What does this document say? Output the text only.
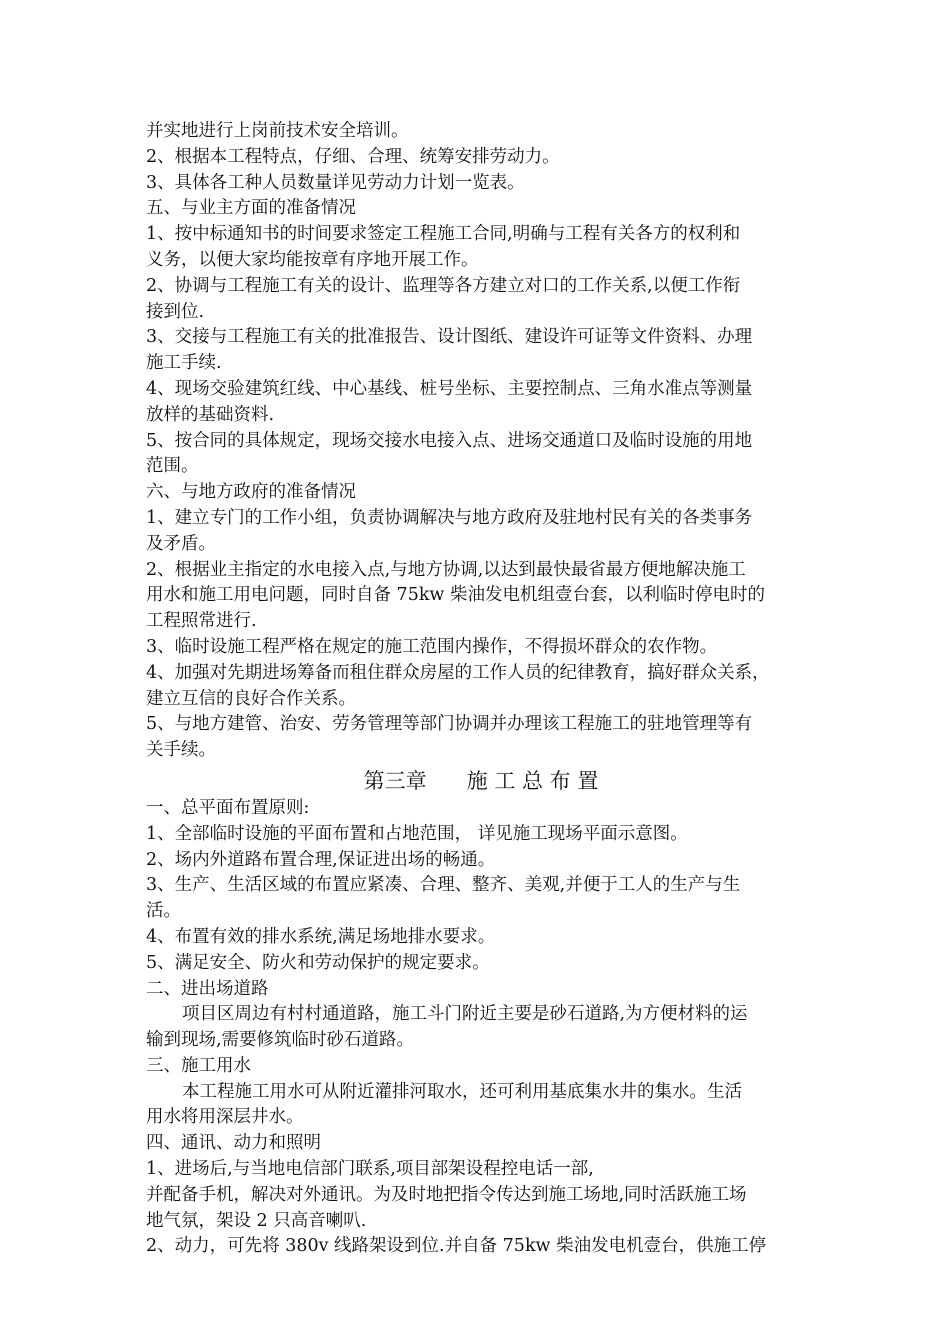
并实地进行上岗前技术安全培训。
2、根据本工程特点，仔细、合理、统筹安排劳动力。
3、具体各工种人员数量详见劳动力计划一览表。
五、与业主方面的准备情况
1、按中标通知书的时间要求签定工程施工合同,明确与工程有关各方的权利和
义务，以便大家均能按章有序地开展工作。
2、协调与工程施工有关的设计、监理等各方建立对口的工作关系,以便工作衔
接到位.
3、交接与工程施工有关的批准报告、设计图纸、建设许可证等文件资料、办理
施工手续.
4、现场交验建筑红线、中心基线、桩号坐标、主要控制点、三角水准点等测量
放样的基础资料.
5、按合同的具体规定，现场交接水电接入点、进场交通道口及临时设施的用地
范围。
六、与地方政府的准备情况
1、建立专门的工作小组，负责协调解决与地方政府及驻地村民有关的各类事务
及矛盾。
2、根据业主指定的水电接入点,与地方协调,以达到最快最省最方便地解决施工
用水和施工用电问题，同时自备 75kw 柴油发电机组壹台套，以利临时停电时的
工程照常进行.
3、临时设施工程严格在规定的施工范围内操作，不得损坏群众的农作物。
4、加强对先期进场筹备而租住群众房屋的工作人员的纪律教育，搞好群众关系，
建立互信的良好合作关系。
5、与地方建管、治安、劳务管理等部门协调并办理该工程施工的驻地管理等有
关手续。
第三章      施 工 总 布 置
一、总平面布置原则:
1、全部临时设施的平面布置和占地范围， 详见施工现场平面示意图。
2、场内外道路布置合理,保证进出场的畅通。
3、生产、生活区域的布置应紧凑、合理、整齐、美观,并便于工人的生产与生
活。
4、布置有效的排水系统,满足场地排水要求。
5、满足安全、防火和劳动保护的规定要求。
二、进出场道路
项目区周边有村村通道路，施工斗门附近主要是砂石道路,为方便材料的运
输到现场,需要修筑临时砂石道路。
三、施工用水
本工程施工用水可从附近灌排河取水，还可利用基底集水井的集水。生活
用水将用深层井水。
四、通讯、动力和照明
1、进场后,与当地电信部门联系,项目部架设程控电话一部,
并配备手机，解决对外通讯。为及时地把指令传达到施工场地,同时活跃施工场
地气氛，架设 2 只高音喇叭.
2、动力，可先将 380v 线路架设到位.并自备 75kw 柴油发电机壹台，供施工停
